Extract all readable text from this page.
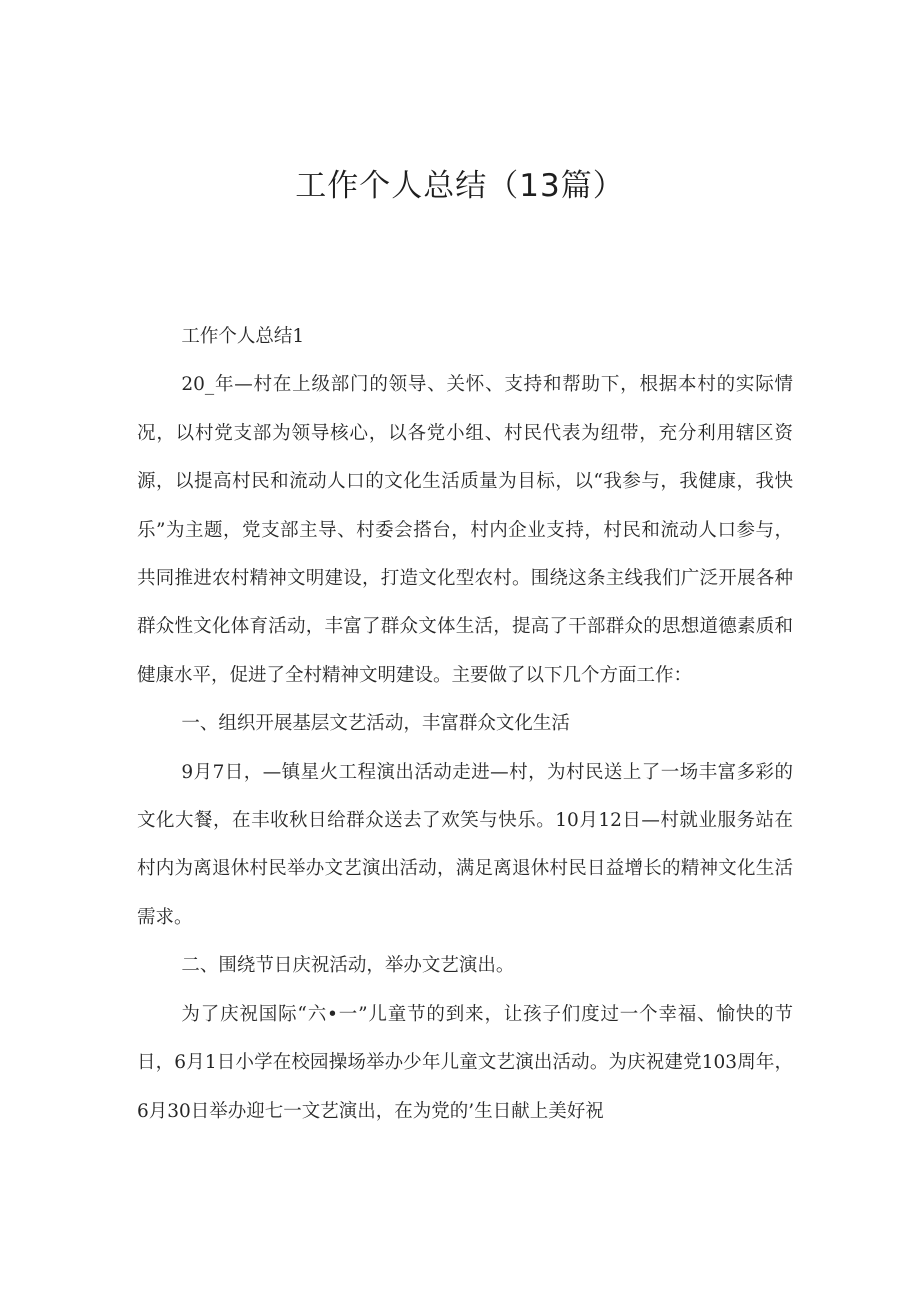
工作个人总结（13篇）

工作个人总结1

20_年—村在上级部门的领导、关怀、支持和帮助下，根据本村的实际情况，以村党支部为领导核心，以各党小组、村民代表为纽带，充分利用辖区资源，以提高村民和流动人口的文化生活质量为目标，以“我参与，我健康，我快乐”为主题，党支部主导、村委会搭台，村内企业支持，村民和流动人口参与，共同推进农村精神文明建设，打造文化型农村。围绕这条主线我们广泛开展各种群众性文化体育活动，丰富了群众文体生活，提高了干部群众的思想道德素质和健康水平，促进了全村精神文明建设。主要做了以下几个方面工作：

一、组织开展基层文艺活动，丰富群众文化生活

9月7日，—镇星火工程演出活动走进—村，为村民送上了一场丰富多彩的文化大餐，在丰收秋日给群众送去了欢笑与快乐。10月12日—村就业服务站在村内为离退休村民举办文艺演出活动，满足离退休村民日益增长的精神文化生活需求。

二、围绕节日庆祝活动，举办文艺演出。

为了庆祝国际“六•一”儿童节的到来，让孩子们度过一个幸福、愉快的节日，6月1日小学在校园操场举办少年儿童文艺演出活动。为庆祝建党103周年，6月30日举办迎七一文艺演出，在为党的’生日献上美好祝
